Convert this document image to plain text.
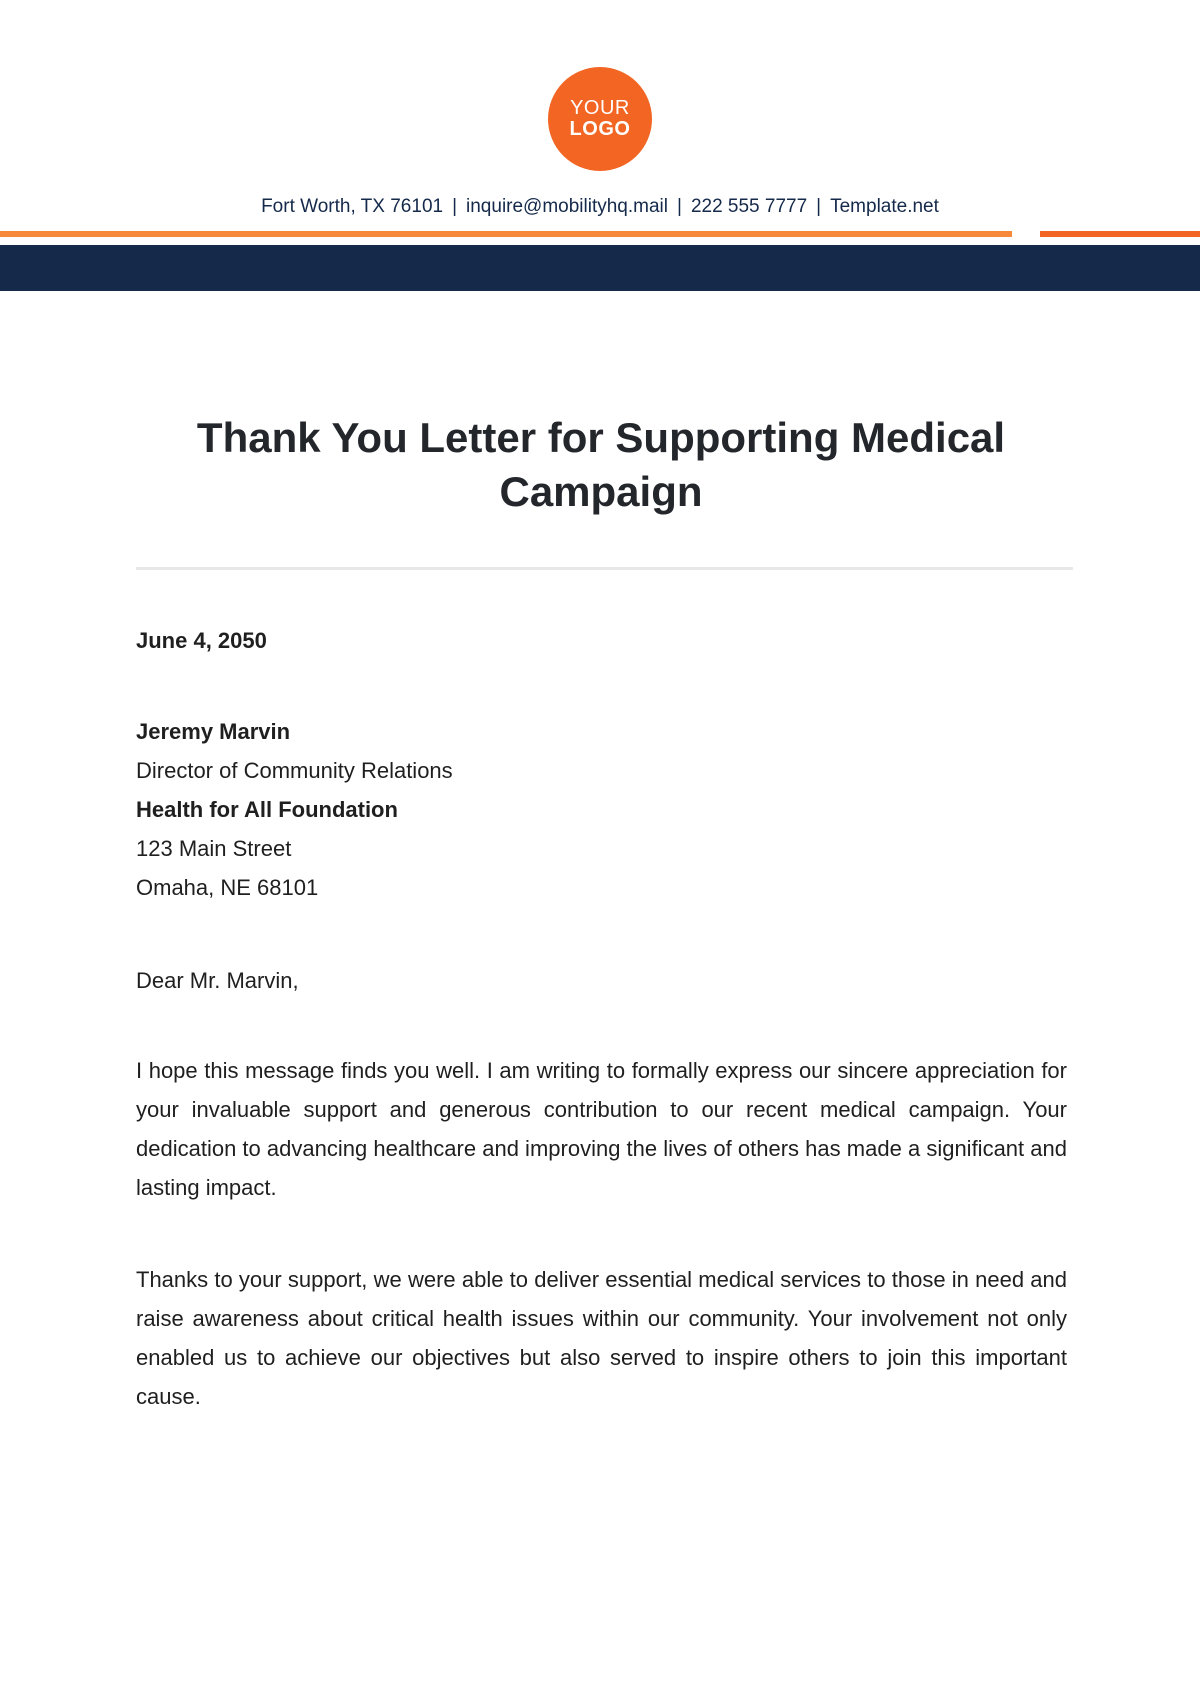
YOUR
LOGO
Fort Worth, TX 76101 | inquire@mobilityhq.mail | 222 555 7777 | Template.net
Thank You Letter for Supporting Medical Campaign
June 4, 2050
Jeremy Marvin
Director of Community Relations
Health for All Foundation
123 Main Street
Omaha, NE 68101
Dear Mr. Marvin,

I hope this message finds you well. I am writing to formally express our sincere appreciation for your invaluable support and generous contribution to our recent medical campaign. Your dedication to advancing healthcare and improving the lives of others has made a significant and lasting impact.

Thanks to your support, we were able to deliver essential medical services to those in need and raise awareness about critical health issues within our community. Your involvement not only enabled us to achieve our objectives but also served to inspire others to join this important cause.
